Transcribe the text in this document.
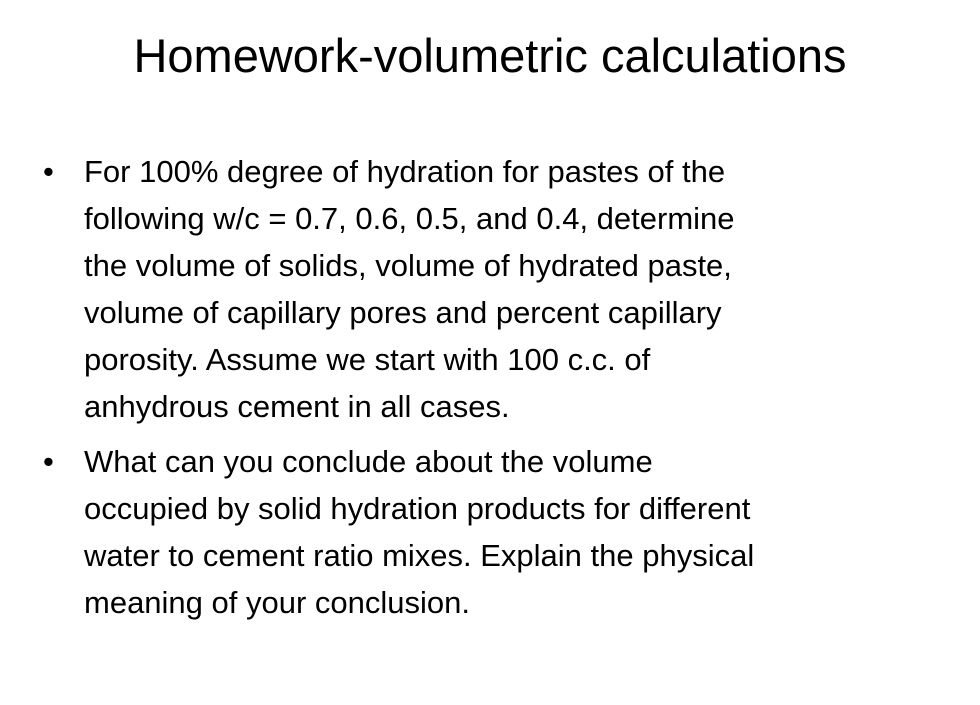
Homework-volumetric calculations
• For 100% degree of hydration for pastes of the
following w/c = 0.7, 0.6, 0.5, and 0.4, determine
the volume of solids, volume of hydrated paste,
volume of capillary pores and percent capillary
porosity. Assume we start with 100 c.c. of
anhydrous cement in all cases.
• What can you conclude about the volume
occupied by solid hydration products for different
water to cement ratio mixes. Explain the physical
meaning of your conclusion.
